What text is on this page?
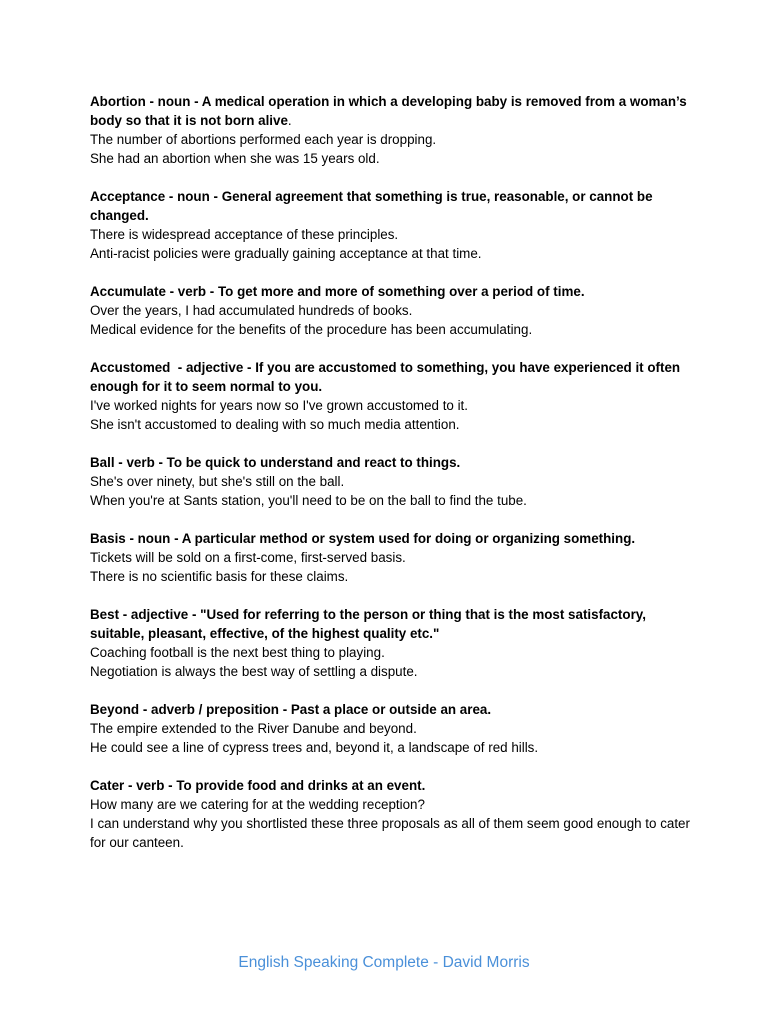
Abortion - noun - A medical operation in which a developing baby is removed from a woman’s body so that it is not born alive.

The number of abortions performed each year is dropping.

She had an abortion when she was 15 years old.

Acceptance - noun - General agreement that something is true, reasonable, or cannot be changed.

There is widespread acceptance of these principles.

Anti-racist policies were gradually gaining acceptance at that time.

Accumulate - verb - To get more and more of something over a period of time.

Over the years, I had accumulated hundreds of books.

Medical evidence for the benefits of the procedure has been accumulating.

Accustomed  - adjective - If you are accustomed to something, you have experienced it often enough for it to seem normal to you.

I've worked nights for years now so I've grown accustomed to it.

She isn't accustomed to dealing with so much media attention.

Ball - verb - To be quick to understand and react to things.

She's over ninety, but she's still on the ball.

When you're at Sants station, you'll need to be on the ball to find the tube.

Basis - noun - A particular method or system used for doing or organizing something.

Tickets will be sold on a first-come, first-served basis.

There is no scientific basis for these claims.

Best - adjective - "Used for referring to the person or thing that is the most satisfactory, suitable, pleasant, effective, of the highest quality etc."

Coaching football is the next best thing to playing.

Negotiation is always the best way of settling a dispute.

Beyond - adverb / preposition - Past a place or outside an area.

The empire extended to the River Danube and beyond.

He could see a line of cypress trees and, beyond it, a landscape of red hills.

Cater - verb - To provide food and drinks at an event.

How many are we catering for at the wedding reception?

I can understand why you shortlisted these three proposals as all of them seem good enough to cater for our canteen.

English Speaking Complete - David Morris
